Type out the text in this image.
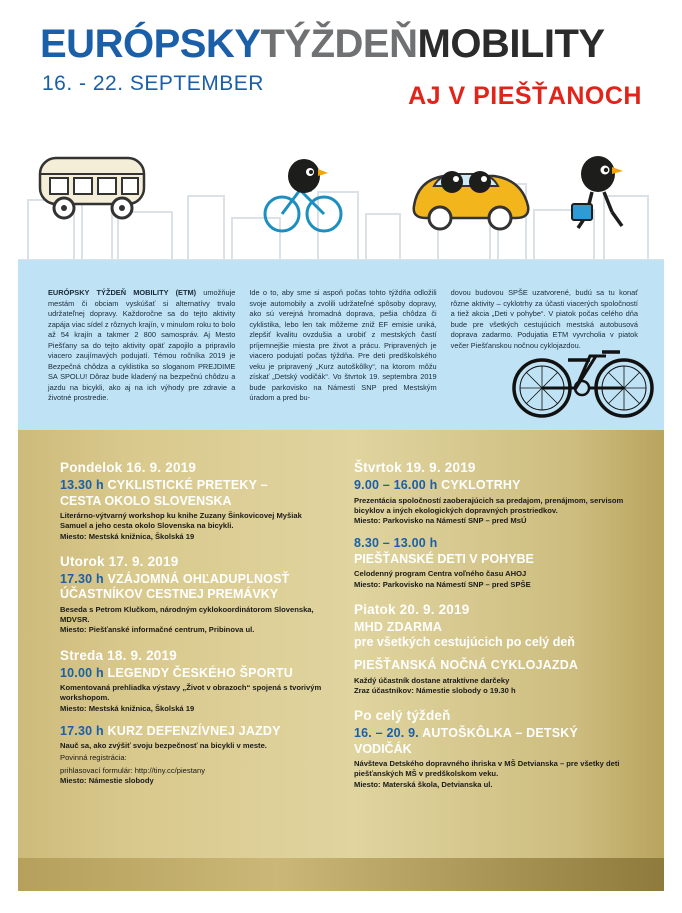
EURÓPSKYTÝŽDEŇMOBILITY
16. - 22. SEPTEMBER	AJ V PIEŠŤANOCH
EURÓPSKY TÝŽDEŇ MOBILITY (ETM) umožňuje mestám či obciam vyskúšať si alternatívy trvalo udržateľnej dopravy. Každoročne sa do tejto aktivity zapája viac sídel z rôznych krajín, v minulom roku to bolo až 54 krajín a takmer 2 800 samospráv. Aj Mesto Piešťany sa do tejto aktivity opäť zapojilo a pripravilo viacero zaujímavých podujatí. Témou ročníka 2019 je Bezpečná chôdza a cyklistika so sloganom PREJDIME SA SPOLU! Dôraz bude kladený na bezpečnú chôdzu a jazdu na bicykli, ako aj na ich výhody pre zdravie a životné prostredie.
Ide o to, aby sme si aspoň počas tohto týždňa odložili svoje automobily a zvolili udržateľné spôsoby dopravy, ako sú verejná hromadná doprava, pešia chôdza či cyklistika, lebo len tak môžeme zniž EF emisie uniká, zlepšiť kvalitu ovzdušia a urobiť z mestských častí príjemnejšie miesta pre život a prácu. Pripravených je viacero podujatí počas týždňa. Pre deti predškolského veku je pripravený „Kurz autoškôlky“, na ktorom môžu získať „Detský vodičák“. Vo štvrtok 19. septembra 2019 bude parkovisko na Námestí SNP pred Mestským úradom a pred bu-
dovou budovou SPŠE uzatvorené, budú sa tu konať rôzne aktivity – cyklotrhy za účasti viacerých spoločností a tiež akcia „Deti v pohybe“. V piatok počas celého dňa bude pre všetkých cestujúcich mestská autobusová doprava zadarmo. Podujatia ETM vyvrcholia v piatok večer Piešťanskou nočnou cyklojazdou.
Pondelok 16. 9. 2019
13.30 h CYKLISTICKÉ PRETEKY –
CESTA OKOLO SLOVENSKA
Literárno-výtvarný workshop ku knihe Zuzany Šinkovicovej Myšiak Samuel a jeho cesta okolo Slovenska na bicykli.
Miesto: Mestská knižnica, Školská 19
Utorok 17. 9. 2019
17.30 h VZÁJOMNÁ OHĽADUPLNOSŤ
ÚČASTNÍKOV CESTNEJ PREMÁVKY
Beseda s Petrom Klučkom, národným cyklokoordinátorom Slovenska, MDVSR.
Miesto: Piešťanské informačné centrum, Pribinova ul.
Streda 18. 9. 2019
10.00 h LEGENDY ČESKÉHO ŠPORTU
Komentovaná prehliadka výstavy „Život v obrazoch“ spojená s tvorivým workshopom.
Miesto: Mestská knižnica, Školská 19
17.30 h KURZ DEFENZÍVNEJ JAZDY
Nauč sa, ako zvýšiť svoju bezpečnosť na bicykli v meste.
Povinná registrácia:
prihlasovací formulár: http://tiny.cc/piestany
Miesto: Námestie slobody
Štvrtok 19. 9. 2019
9.00 – 16.00 h CYKLOTRHY
Prezentácia spoločností zaoberajúcich sa predajom, prenájmom, servisom bicyklov a iných ekologických dopravných prostriedkov.
Miesto: Parkovisko na Námestí SNP – pred MsÚ
8.30 – 13.00 h
PIEŠŤANSKÉ DETI V POHYBE
Celodenný program Centra voľného času AHOJ
Miesto: Parkovisko na Námestí SNP – pred SPŠE
Piatok 20. 9. 2019
MHD ZDARMA
pre všetkých cestujúcich po celý deň
PIEŠŤANSKÁ NOČNÁ CYKLOJAZDA
Každý účastník dostane atraktívne darčeky
Zraz účastníkov: Námestie slobody o 19.30 h
Po celý týždeň
16. – 20. 9. AUTOŠKÔLKA – DETSKÝ
VODIČÁK
Návšteva Detského dopravného ihriska v MŠ Detvianska – pre všetky deti piešťanských MŠ v predškolskom veku.
Miesto: Materská škola, Detvianska ul.
